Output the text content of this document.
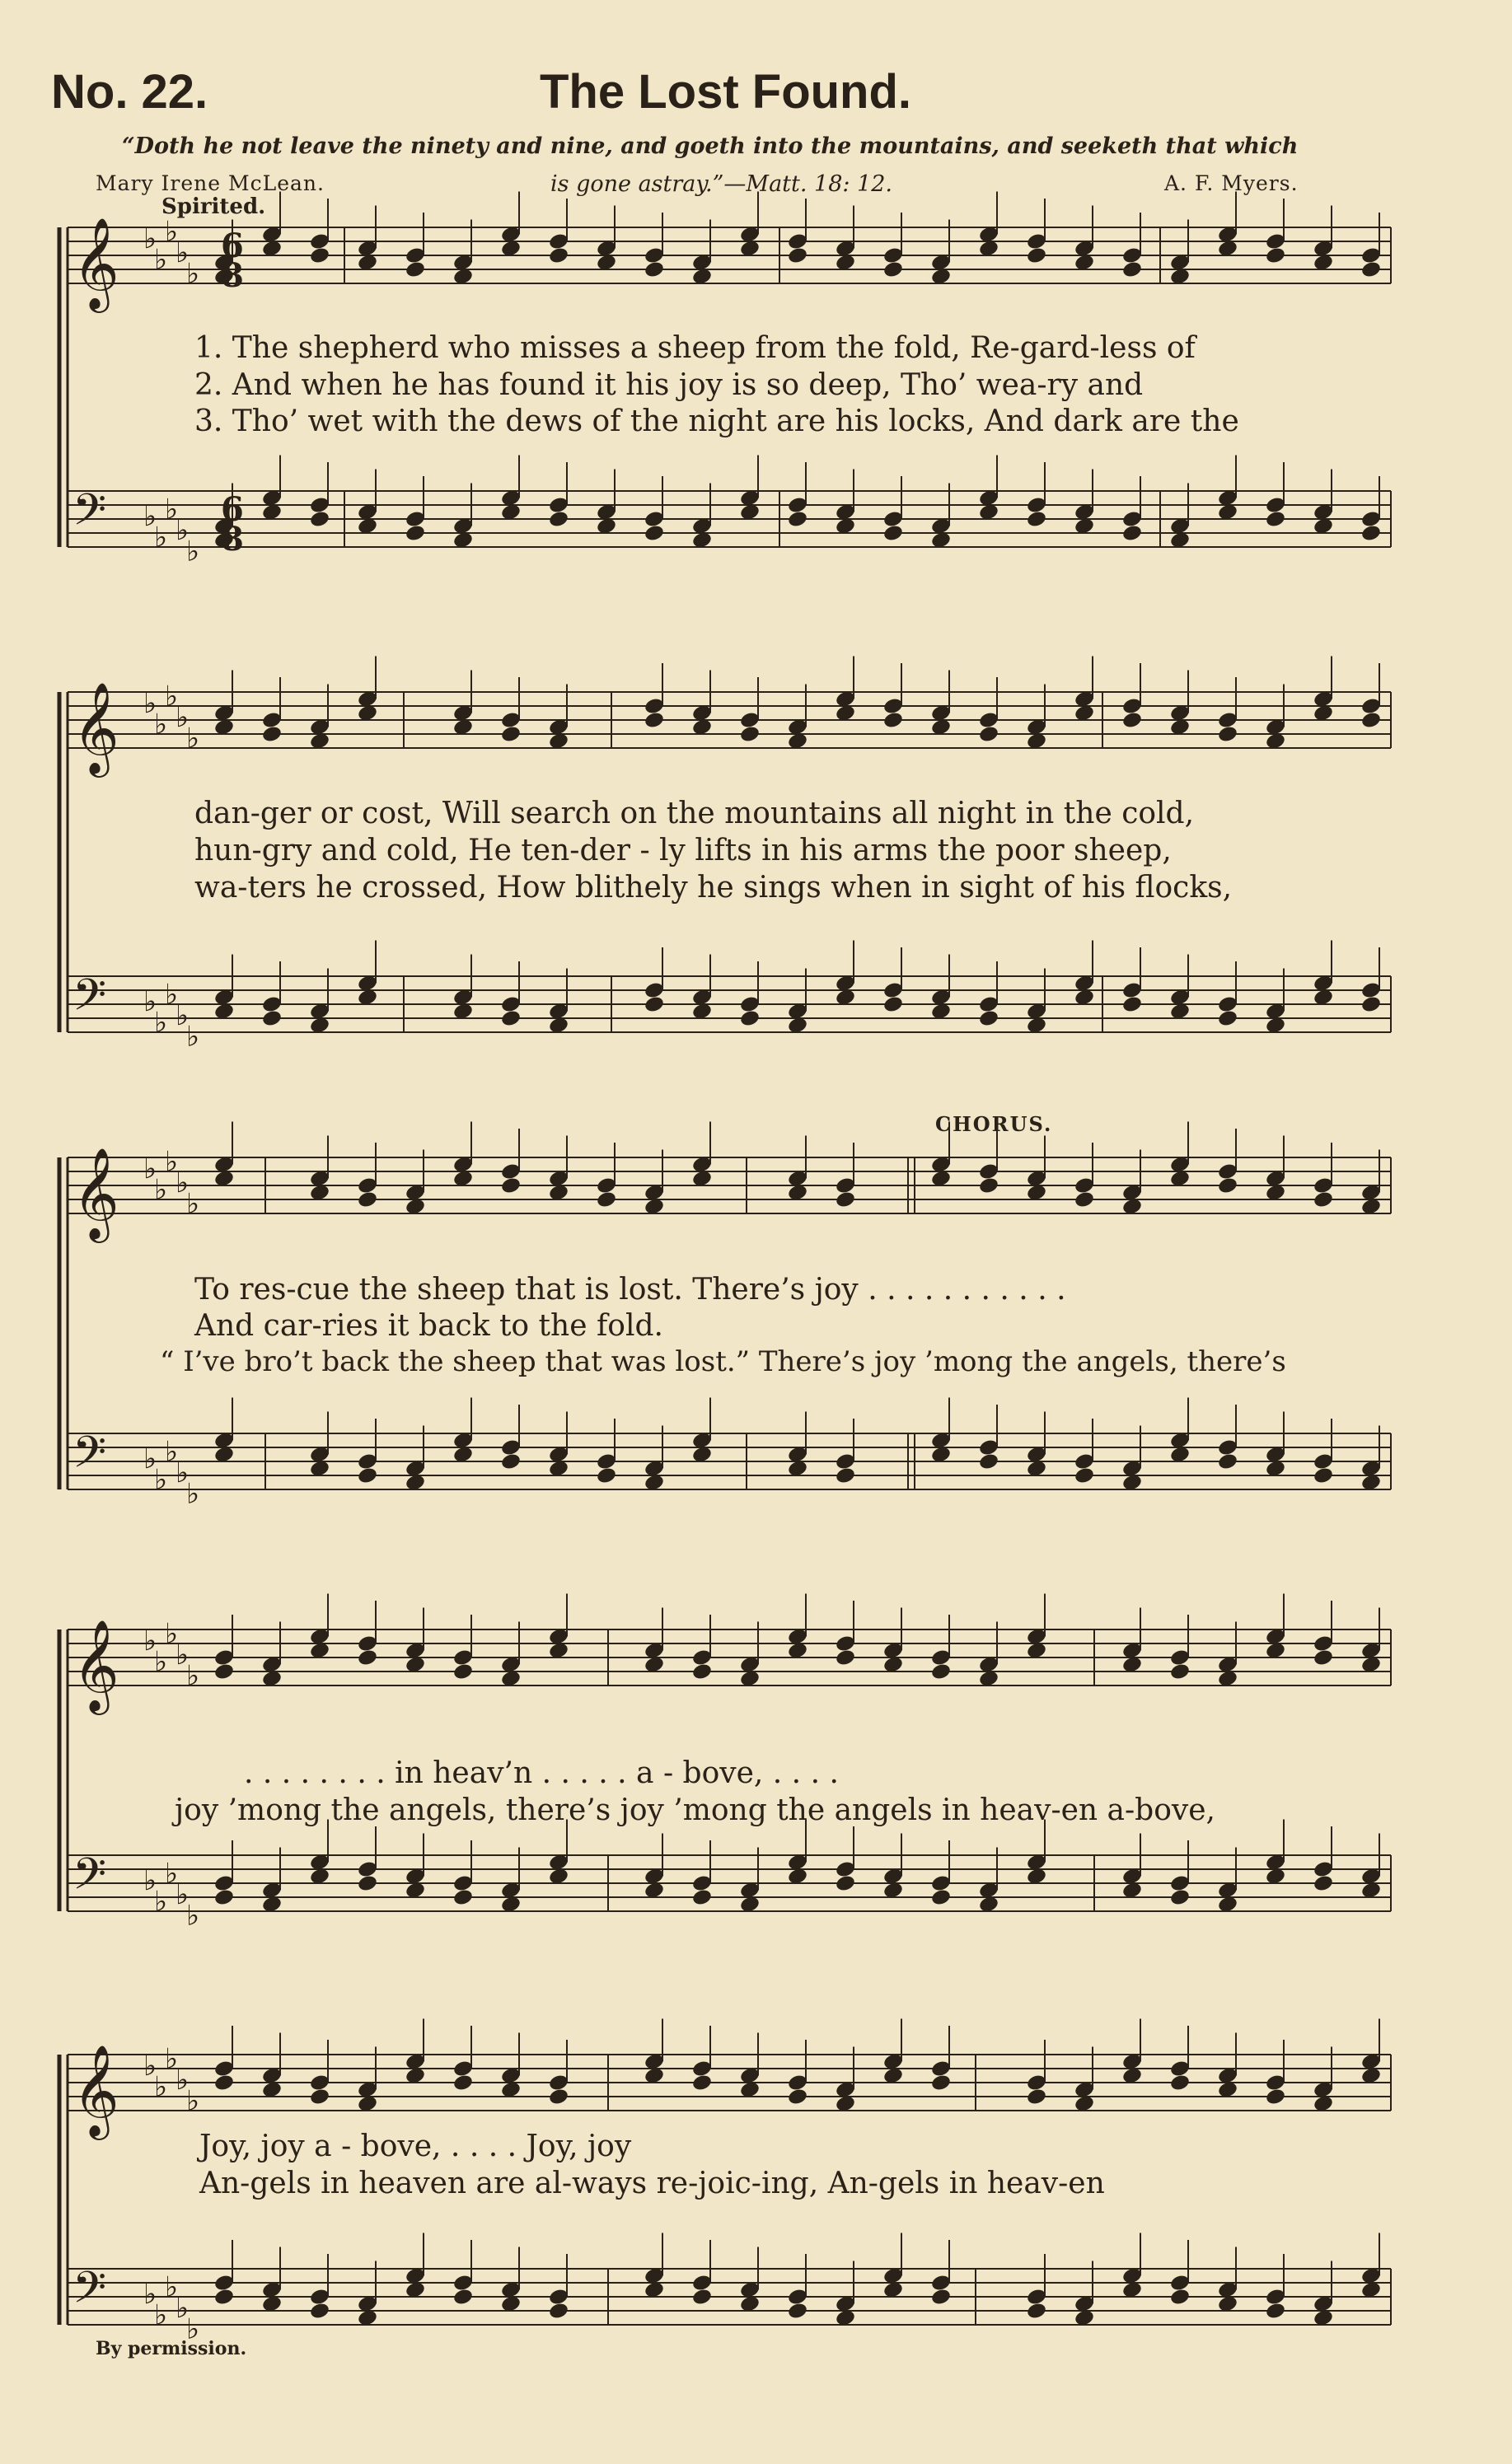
No. 22.	The Lost Found.
“Doth he not leave the ninety and nine, and goeth into the mountains, and seeketh that which
Mary Irene McLean.	is gone astray.”—Matt. 18: 12.	A. F. Myers.
Spirited.
𝄞 ♭
♭
♭
♭
♭
𝄢 ♭
♭
♭
♭
♭
𝄞 ♭
♭
♭
♭
♭
𝄢 ♭
♭
♭
♭
♭
𝄞 ♭
♭
♭
♭
♭
𝄢 ♭
♭
♭
♭
♭
𝄞 ♭
♭
♭
♭
♭
𝄢 ♭
♭
♭
♭
♭
𝄞 ♭
♭
♭
♭
♭
𝄢 ♭
♭
♭
♭
♭
6
8
6
8
CHORUS.
1. The shepherd who misses a sheep from the fold, Re-gard-less of
2. And when he has found it his joy is so deep, Tho’ wea-ry and
3. Tho’ wet with the dews of the night are his locks, And dark are the
dan-ger or cost, Will search on the mountains all night in the cold,
hun-gry and cold, He ten-der - ly lifts in his arms the poor sheep,
wa-ters he crossed, How blithely he sings when in sight of his flocks,
To res-cue the sheep that is lost. There’s joy . . . . . . . . . . .
And car-ries it back to the fold.
“ I’ve bro’t back the sheep that was lost.” There’s joy ’mong the angels, there’s
. . . . . . . . in heav’n . . . . . a - bove, . . . .
joy ’mong the angels, there’s joy ’mong the angels in heav-en a-bove,
Joy, joy a - bove, . . . . Joy, joy
An-gels in heaven are al-ways re-joic-ing, An-gels in heav-en
By permission.
